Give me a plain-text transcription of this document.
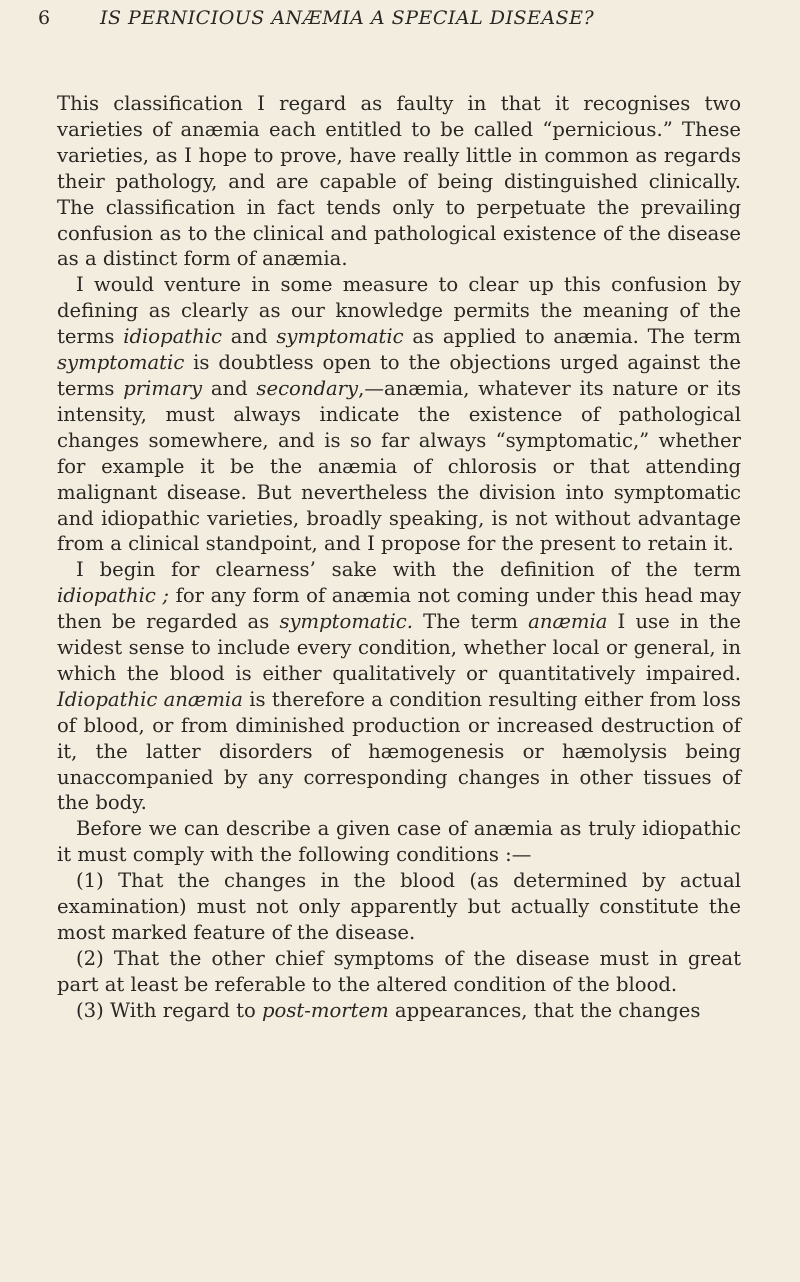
6	IS PERNICIOUS ANÆMIA A SPECIAL DISEASE?

This classification I regard as faulty in that it recognises two varieties of anæmia each entitled to be called “pernicious.” These varieties, as I hope to prove, have really little in common as regards their pathology, and are capable of being distinguished clinically. The classification in fact tends only to perpetuate the prevailing confusion as to the clinical and pathological existence of the disease as a distinct form of anæmia.

I would venture in some measure to clear up this confusion by defining as clearly as our knowledge permits the meaning of the terms idiopathic and symptomatic as applied to anæmia. The term symptomatic is doubtless open to the objections urged against the terms primary and secondary,—anæmia, whatever its nature or its intensity, must always indicate the existence of pathological changes somewhere, and is so far always “symptomatic,” whether for example it be the anæmia of chlorosis or that attending malignant disease. But nevertheless the division into symptomatic and idiopathic varieties, broadly speaking, is not without advantage from a clinical standpoint, and I propose for the present to retain it.

I begin for clearness’ sake with the definition of the term idiopathic ; for any form of anæmia not coming under this head may then be regarded as symptomatic. The term anæmia I use in the widest sense to include every condition, whether local or general, in which the blood is either qualitatively or quantitatively impaired. Idiopathic anæmia is therefore a condition resulting either from loss of blood, or from diminished production or increased destruction of it, the latter disorders of hæmogenesis or hæmolysis being unaccompanied by any corresponding changes in other tissues of the body.

Before we can describe a given case of anæmia as truly idiopathic it must comply with the following conditions :—

(1) That the changes in the blood (as determined by actual examination) must not only apparently but actually constitute the most marked feature of the disease.

(2) That the other chief symptoms of the disease must in great part at least be referable to the altered condition of the blood.

(3) With regard to post-mortem appearances, that the changes
